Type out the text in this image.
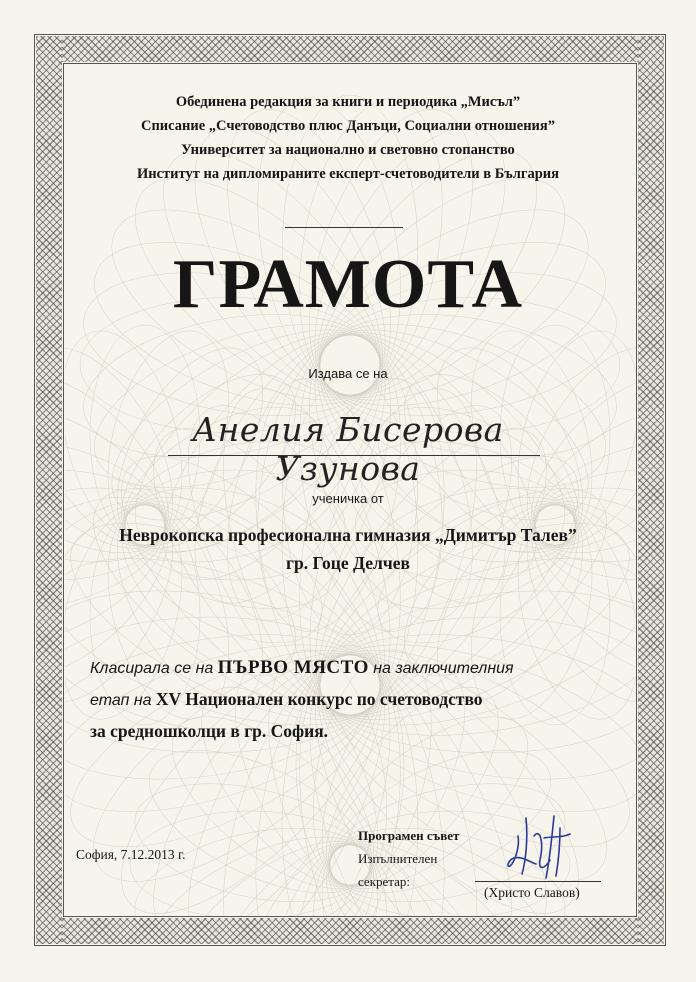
Обединена редакция за книги и периодика „Мисъл”
Списание „Счетоводство плюс Данъци, Социални отношения”
Университет за национално и световно стопанство
Институт на дипломираните експерт-счетоводители в България
ГРАМОТА
Издава се на
Анелия Бисерова Узунова
ученичка от
Неврокопска професионална гимназия „Димитър Талев”
гр. Гоце Делчев
Класирала се на ПЪРВО МЯСТО на заключителния
етап на XV Национален конкурс по счетоводство
за средношколци в гр. София.
София, 7.12.2013 г.
Програмен съвет
Изпълнителен
секретар:
(Христо Славов)
